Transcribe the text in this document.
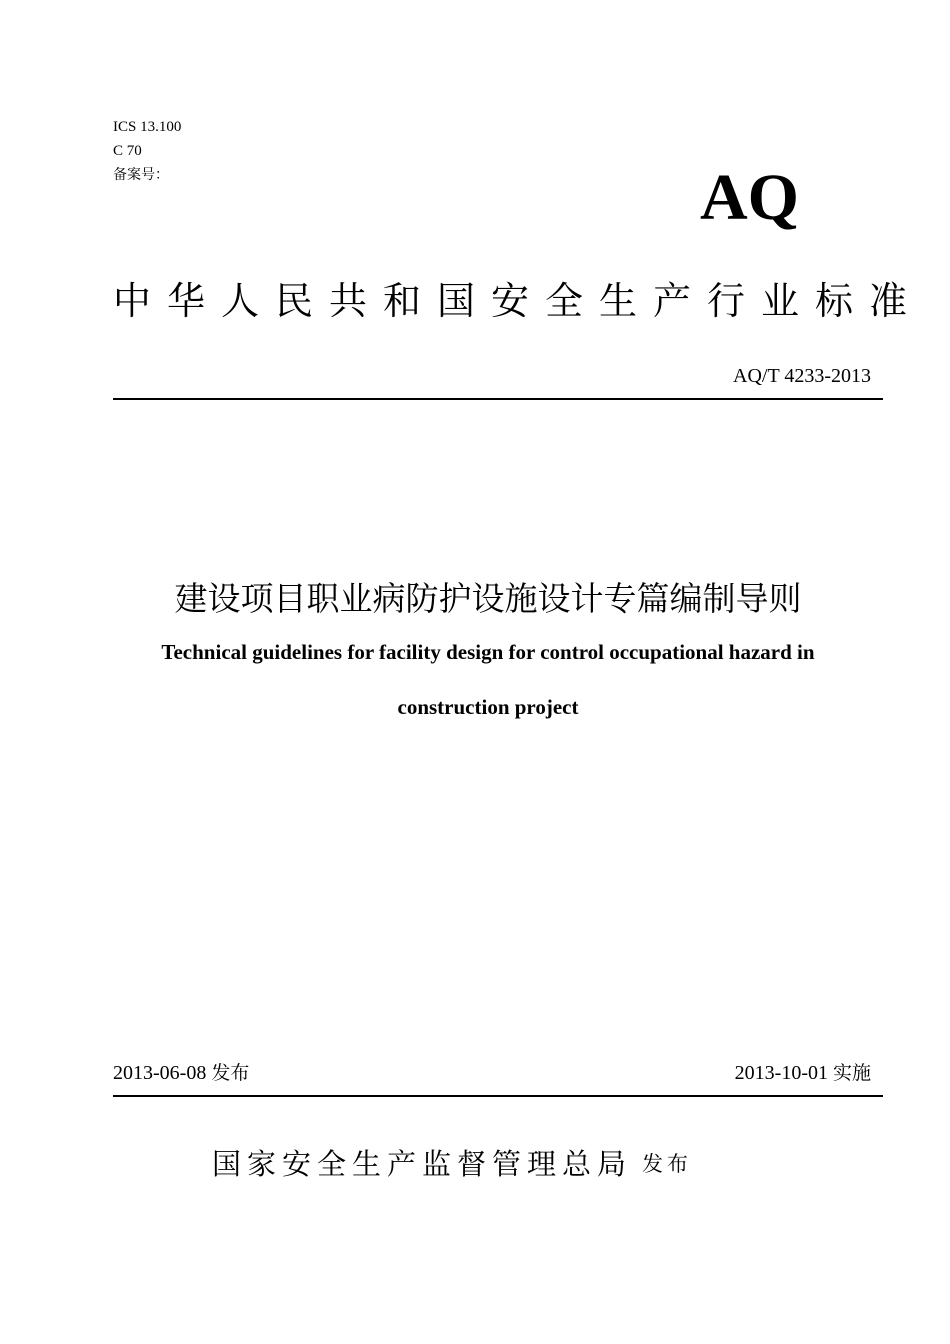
ICS 13.100
C 70
备案号：	AQ
中华人民共和国安全生产行业标准
AQ/T 4233-2013
建设项目职业病防护设施设计专篇编制导则
Technical guidelines for facility design for control occupational hazard in
construction project
2013-06-08 发布	2013-10-01 实施
国家安全生产监督管理总局 发布
